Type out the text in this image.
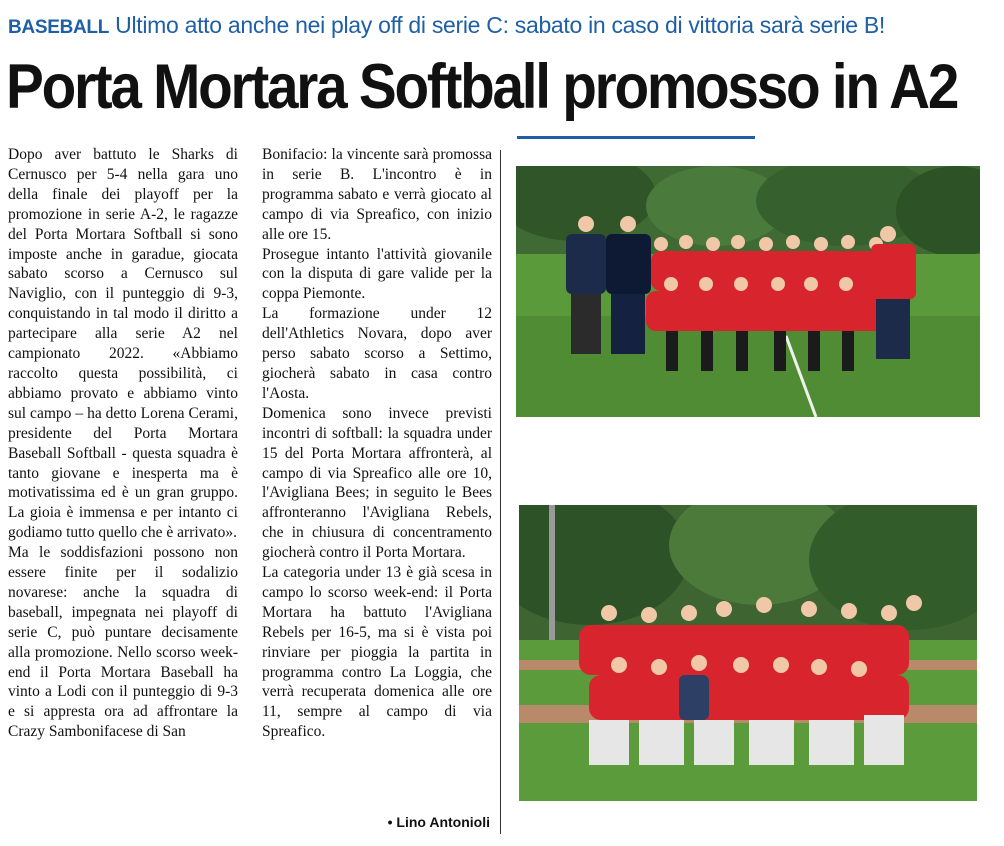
BASEBALL Ultimo atto anche nei play off di serie C: sabato in caso di vittoria sarà serie B!
Porta Mortara Softball promosso in A2

Dopo aver battuto le Sharks di Cernusco per 5-4 nella gara uno della finale dei playoff per la promozione in serie A-2, le ragazze del Porta Mortara Softball si sono imposte anche in garadue, giocata sabato scorso a Cernusco sul Naviglio, con il punteggio di 9-3, conquistando in tal modo il diritto a partecipare alla serie A2 nel campionato 2022. «Abbiamo raccolto questa possibilità, ci abbiamo provato e abbiamo vinto sul campo – ha detto Lorena Cerami, presidente del Porta Mortara Baseball Softball - questa squadra è tanto giovane e inesperta ma è motivatissima ed è un gran gruppo. La gioia è immensa e per intanto ci godiamo tutto quello che è arrivato».

Ma le soddisfazioni possono non essere finite per il sodalizio novarese: anche la squadra di baseball, impegnata nei playoff di serie C, può puntare decisamente alla promozione. Nello scorso week-end il Porta Mortara Baseball ha vinto a Lodi con il punteggio di 9-3 e si appresta ora ad affrontare la Crazy Sambonifacese di San

Bonifacio: la vincente sarà promossa in serie B. L'incontro è in programma sabato e verrà giocato al campo di via Spreafico, con inizio alle ore 15.

Prosegue intanto l'attività giovanile con la disputa di gare valide per la coppa Piemonte.

La formazione under 12 dell'Athletics Novara, dopo aver perso sabato scorso a Settimo, giocherà sabato in casa contro l'Aosta.

Domenica sono invece previsti incontri di softball: la squadra under 15 del Porta Mortara affronterà, al campo di via Spreafico alle ore 10, l'Avigliana Bees; in seguito le Bees affronteranno l'Avigliana Rebels, che in chiusura di concentramento giocherà contro il Porta Mortara.

La categoria under 13 è già scesa in campo lo scorso week-end: il Porta Mortara ha battuto l'Avigliana Rebels per 16-5, ma si è vista poi rinviare per pioggia la partita in programma contro La Loggia, che verrà recuperata domenica alle ore 11, sempre al campo di via Spreafico.

• Lino Antonioli
